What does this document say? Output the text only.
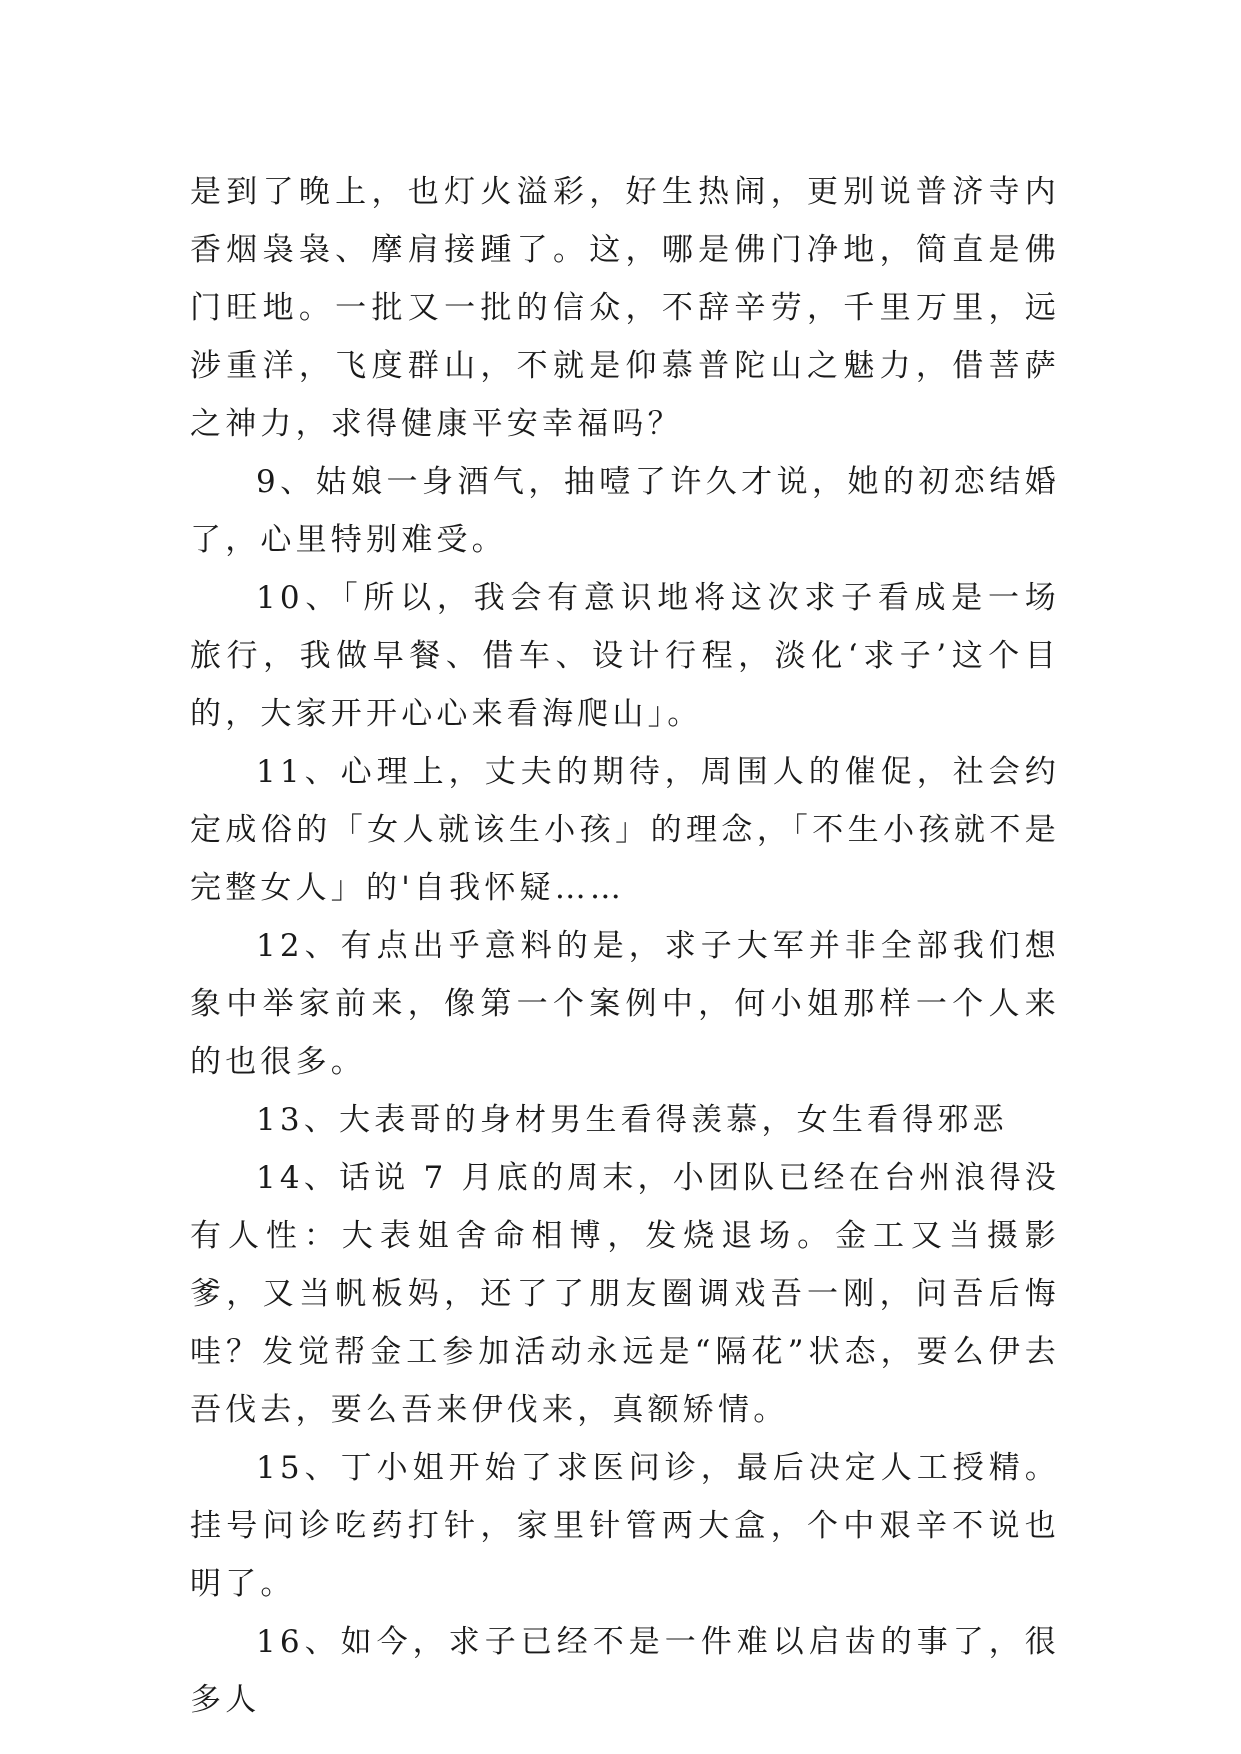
是到了晚上，也灯火溢彩，好生热闹，更别说普济寺内香烟袅袅、摩肩接踵了。这，哪是佛门净地，简直是佛门旺地。一批又一批的信众，不辞辛劳，千里万里，远涉重洋，飞度群山，不就是仰慕普陀山之魅力，借菩萨之神力，求得健康平安幸福吗？

9、姑娘一身酒气，抽噎了许久才说，她的初恋结婚了，心里特别难受。

10、「所以，我会有意识地将这次求子看成是一场旅行，我做早餐、借车、设计行程，淡化‘求子’这个目的，大家开开心心来看海爬山」。

11、心理上，丈夫的期待，周围人的催促，社会约定成俗的「女人就该生小孩」的理念，「不生小孩就不是完整女人」的'自我怀疑……

12、有点出乎意料的是，求子大军并非全部我们想象中举家前来，像第一个案例中，何小姐那样一个人来的也很多。

13、大表哥的身材男生看得羡慕，女生看得邪恶

14、话说 7 月底的周末，小团队已经在台州浪得没有人性：大表姐舍命相博，发烧退场。金工又当摄影爹，又当帆板妈，还了了朋友圈调戏吾一刚，问吾后悔哇？发觉帮金工参加活动永远是“隔花”状态，要么伊去吾伐去，要么吾来伊伐来，真额矫情。

15、丁小姐开始了求医问诊，最后决定人工授精。挂号问诊吃药打针，家里针管两大盒，个中艰辛不说也明了。

16、如今，求子已经不是一件难以启齿的事了，很多人
